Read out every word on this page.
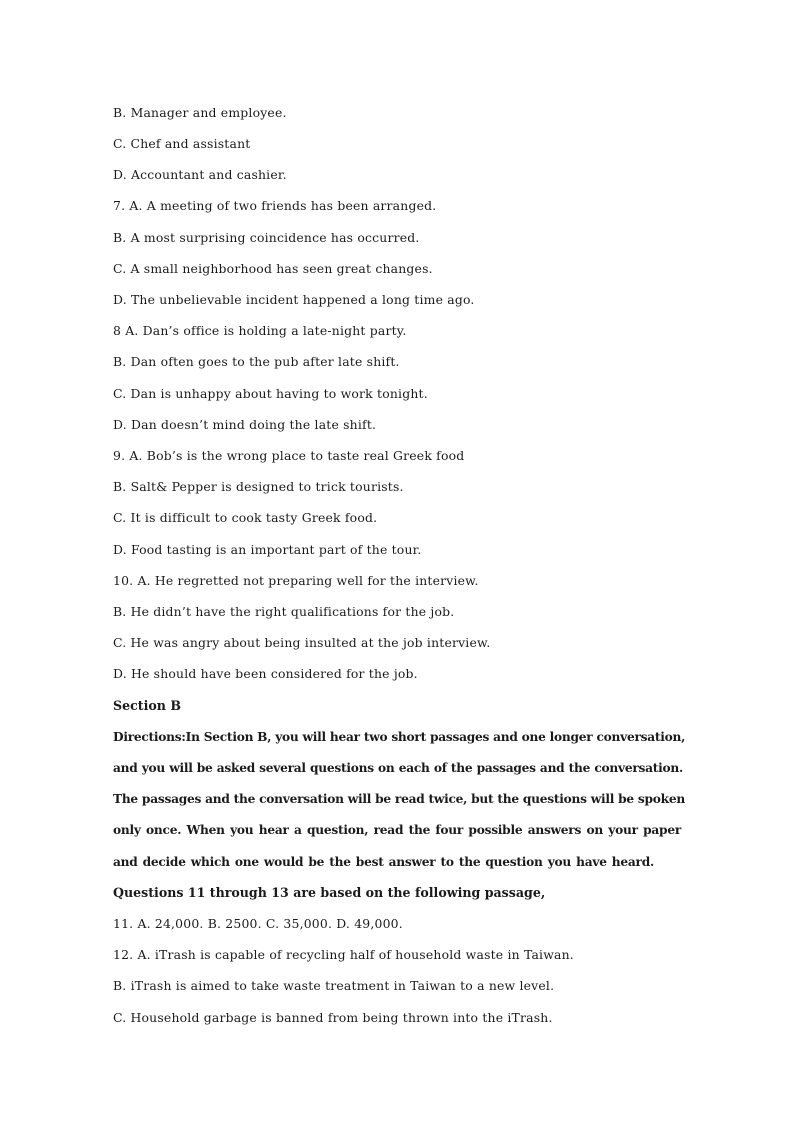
B. Manager and employee.
C. Chef and assistant
D. Accountant and cashier.
7. A. A meeting of two friends has been arranged.
B. A most surprising coincidence has occurred.
C. A small neighborhood has seen great changes.
D. The unbelievable incident happened a long time ago.
8 A. Dan’s office is holding a late-night party.
B. Dan often goes to the pub after late shift.
C. Dan is unhappy about having to work tonight.
D. Dan doesn’t mind doing the late shift.
9. A. Bob’s is the wrong place to taste real Greek food
B. Salt& Pepper is designed to trick tourists.
C. It is difficult to cook tasty Greek food.
D. Food tasting is an important part of the tour.
10. A. He regretted not preparing well for the interview.
B. He didn’t have the right qualifications for the job.
C. He was angry about being insulted at the job interview.
D. He should have been considered for the job.
Section B
Directions:In Section B, you will hear two short passages and one longer conversation,
and you will be asked several questions on each of the passages and the conversation.
The passages and the conversation will be read twice, but the questions will be spoken
only once. When you hear a question, read the four possible answers on your paper
and decide which one would be the best answer to the question you have heard.
Questions 11 through 13 are based on the following passage,
11. A. 24,000. B. 2500. C. 35,000. D. 49,000.
12. A. iTrash is capable of recycling half of household waste in Taiwan.
B. iTrash is aimed to take waste treatment in Taiwan to a new level.
C. Household garbage is banned from being thrown into the iTrash.
